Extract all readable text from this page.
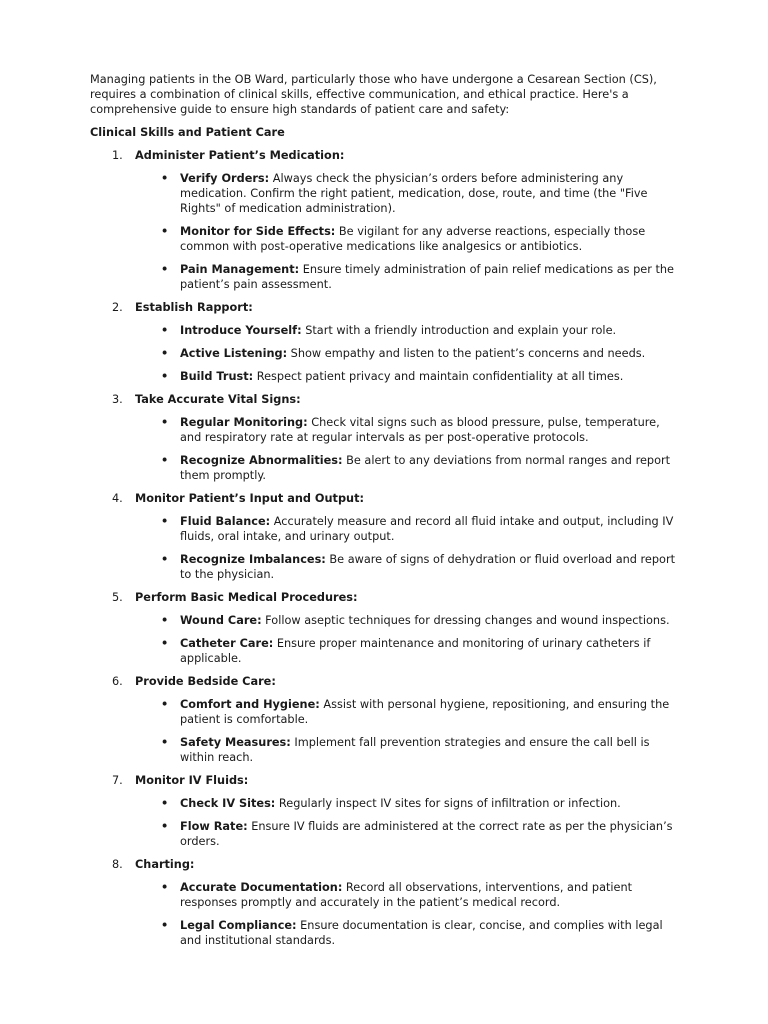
Managing patients in the OB Ward, particularly those who have undergone a Cesarean Section (CS), requires a combination of clinical skills, effective communication, and ethical practice. Here's a comprehensive guide to ensure high standards of patient care and safety:

Clinical Skills and Patient Care

1. Administer Patient’s Medication:
• Verify Orders: Always check the physician’s orders before administering any medication. Confirm the right patient, medication, dose, route, and time (the "Five Rights" of medication administration).
• Monitor for Side Effects: Be vigilant for any adverse reactions, especially those common with post-operative medications like analgesics or antibiotics.
• Pain Management: Ensure timely administration of pain relief medications as per the patient’s pain assessment.
2. Establish Rapport:
• Introduce Yourself: Start with a friendly introduction and explain your role.
• Active Listening: Show empathy and listen to the patient’s concerns and needs.
• Build Trust: Respect patient privacy and maintain confidentiality at all times.
3. Take Accurate Vital Signs:
• Regular Monitoring: Check vital signs such as blood pressure, pulse, temperature, and respiratory rate at regular intervals as per post-operative protocols.
• Recognize Abnormalities: Be alert to any deviations from normal ranges and report them promptly.
4. Monitor Patient’s Input and Output:
• Fluid Balance: Accurately measure and record all fluid intake and output, including IV fluids, oral intake, and urinary output.
• Recognize Imbalances: Be aware of signs of dehydration or fluid overload and report to the physician.
5. Perform Basic Medical Procedures:
• Wound Care: Follow aseptic techniques for dressing changes and wound inspections.
• Catheter Care: Ensure proper maintenance and monitoring of urinary catheters if applicable.
6. Provide Bedside Care:
• Comfort and Hygiene: Assist with personal hygiene, repositioning, and ensuring the patient is comfortable.
• Safety Measures: Implement fall prevention strategies and ensure the call bell is within reach.
7. Monitor IV Fluids:
• Check IV Sites: Regularly inspect IV sites for signs of infiltration or infection.
• Flow Rate: Ensure IV fluids are administered at the correct rate as per the physician’s orders.
8. Charting:
• Accurate Documentation: Record all observations, interventions, and patient responses promptly and accurately in the patient’s medical record.
• Legal Compliance: Ensure documentation is clear, concise, and complies with legal and institutional standards.
